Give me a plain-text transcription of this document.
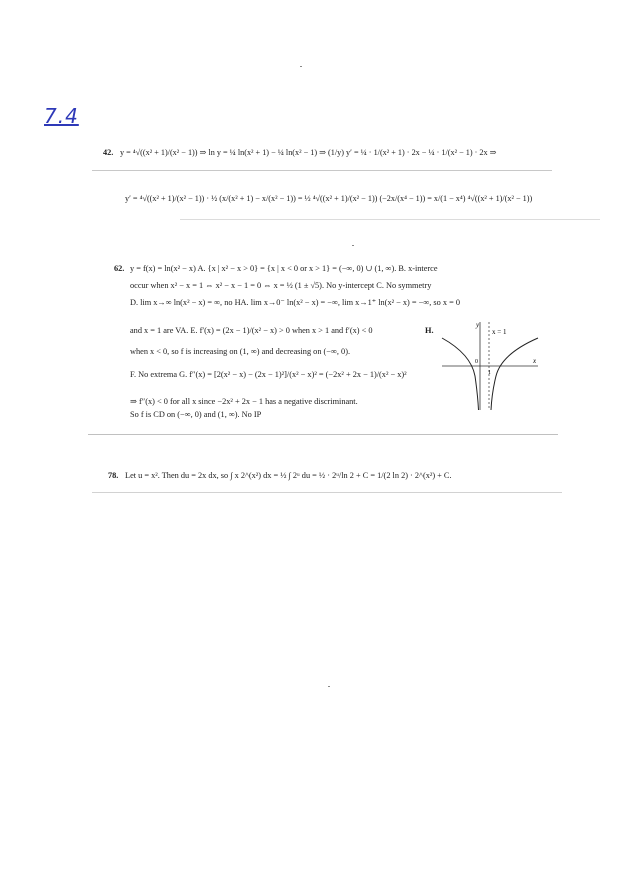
7.4
42. y = ⁴√((x² + 1)/(x² − 1)) ⇒ ln y = ¼ ln(x² + 1) − ¼ ln(x² − 1) ⇒ (1/y) y′ = ¼ · 1/(x² + 1) · 2x − ¼ · 1/(x² − 1) · 2x ⇒
y′ = ⁴√((x² + 1)/(x² − 1)) · ½ (x/(x² + 1) − x/(x² − 1)) = ½ ⁴√((x² + 1)/(x² − 1)) (−2x/(x⁴ − 1)) = x/(1 − x⁴) ⁴√((x² + 1)/(x² − 1))
62. y = f(x) = ln(x² − x) A. {x | x² − x > 0} = {x | x < 0 or x > 1} = (−∞, 0) ∪ (1, ∞). B. x-interce
occur when x² − x = 1 ⇔ x² − x − 1 = 0 ⇔ x = ½ (1 ± √5). No y-intercept C. No symmetry
D. lim x→∞ ln(x² − x) = ∞, no HA. lim x→0⁻ ln(x² − x) = −∞, lim x→1⁺ ln(x² − x) = −∞, so x = 0
and x = 1 are VA. E. f′(x) = (2x − 1)/(x² − x) > 0 when x > 1 and f′(x) < 0
when x < 0, so f is increasing on (1, ∞) and decreasing on (−∞, 0).
F. No extrema G. f″(x) = [2(x² − x) − (2x − 1)²]/(x² − x)² = (−2x² + 2x − 1)/(x² − x)²
⇒ f″(x) < 0 for all x since −2x² + 2x − 1 has a negative discriminant.
So f is CD on (−∞, 0) and (1, ∞). No IP
H.
y
x
x = 1
0
1
78. Let u = x². Then du = 2x dx, so ∫ x 2^(x²) dx = ½ ∫ 2ᵘ du = ½ · 2ᵘ/ln 2 + C = 1/(2 ln 2) · 2^(x²) + C.
